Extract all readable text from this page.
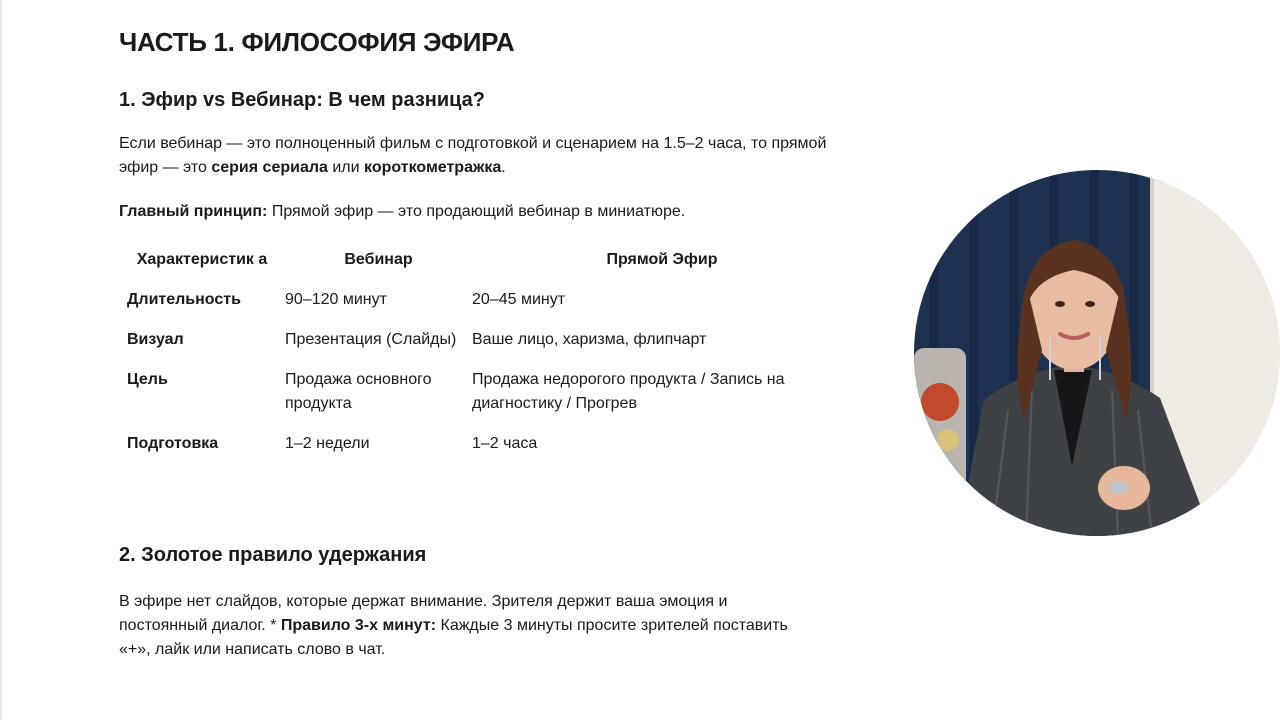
ЧАСТЬ 1. ФИЛОСОФИЯ ЭФИРА
1. Эфир vs Вебинар: В чем разница?

Если вебинар — это полноценный фильм с подготовкой и сценарием на 1.5–2 часа, то прямой эфир — это серия сериала или короткометражка.

Главный принцип: Прямой эфир — это продающий вебинар в миниатюре.

Характеристик а	Вебинар	Прямой Эфир
Длительность	90–120 минут	20–45 минут
Визуал	Презентация (Слайды)	Ваше лицо, харизма, флипчарт
Цель	Продажа основного продукта	Продажа недорогого продукта / Запись на диагностику / Прогрев
Подготовка	1–2 недели	1–2 часа
2. Золотое правило удержания

В эфире нет слайдов, которые держат внимание. Зрителя держит ваша эмоция и постоянный диалог. * Правило 3-х минут: Каждые 3 минуты просите зрителей поставить «+», лайк или написать слово в чат.
